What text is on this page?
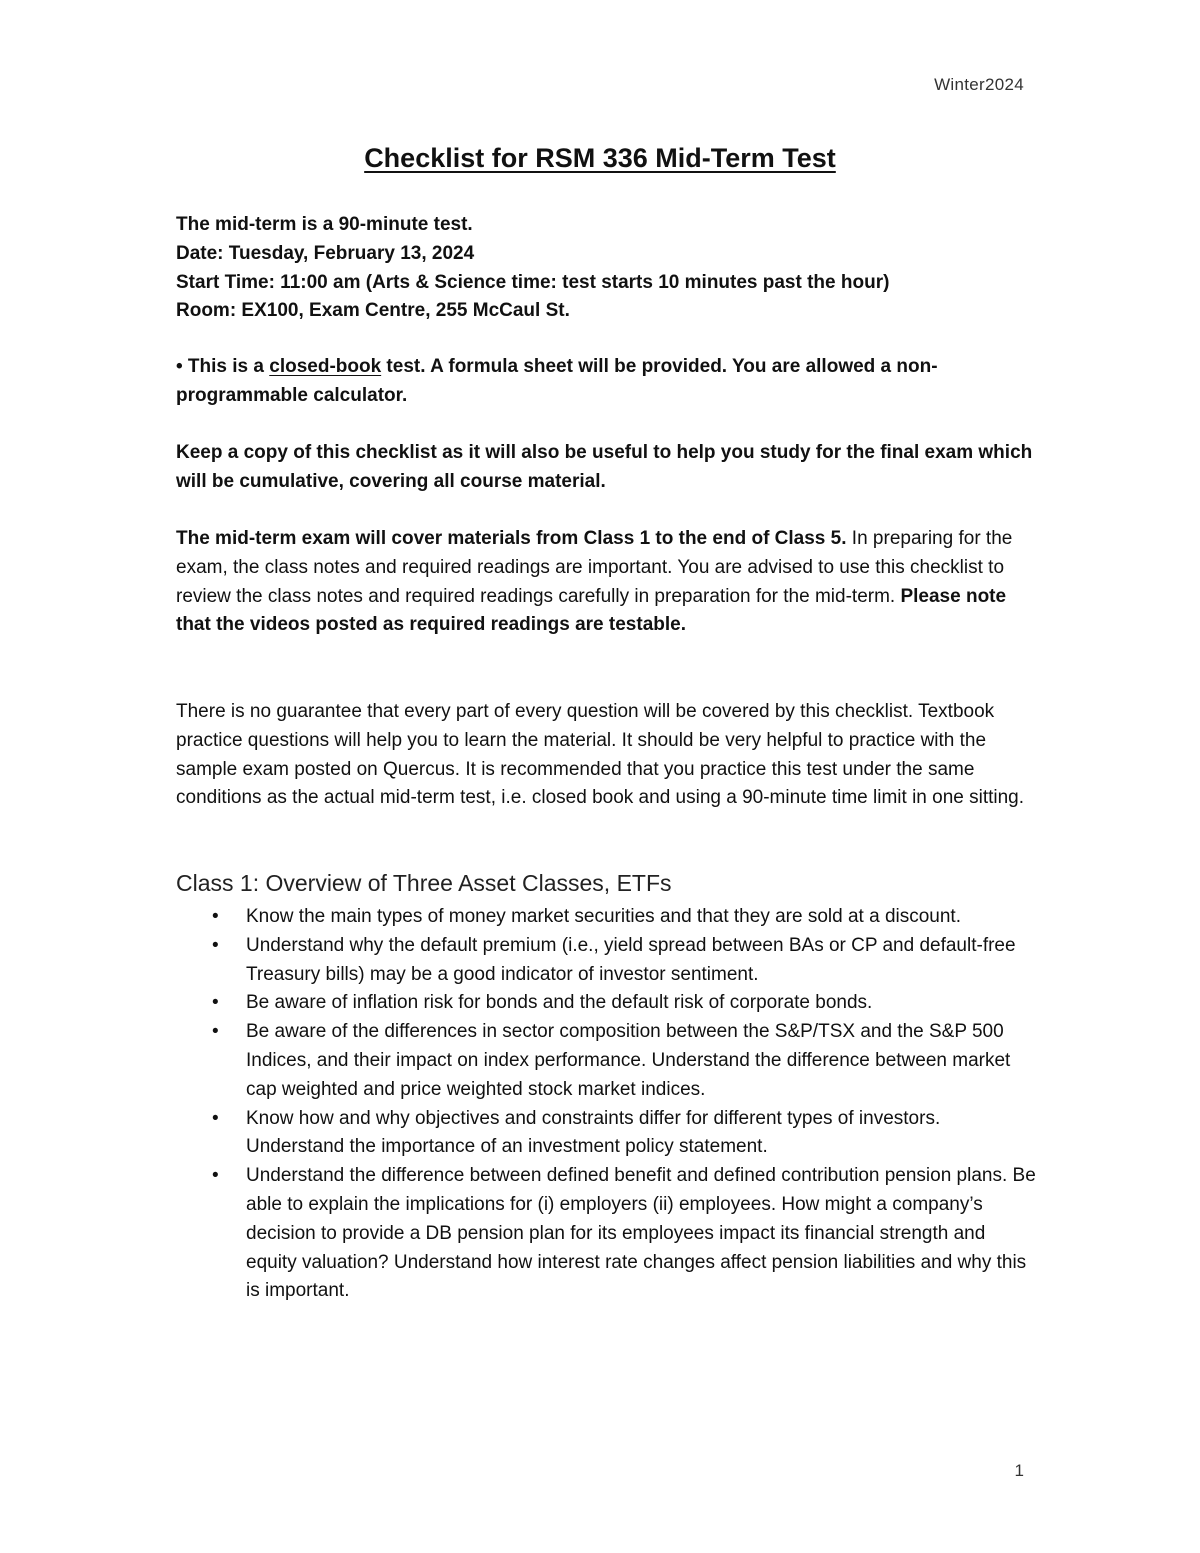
Winter2024
Checklist for RSM 336 Mid-Term Test

The mid-term is a 90-minute test.

Date: Tuesday, February 13, 2024

Start Time: 11:00 am (Arts & Science time: test starts 10 minutes past the hour)

Room: EX100, Exam Centre, 255 McCaul St.

• This is a closed-book test. A formula sheet will be provided. You are allowed a non-programmable calculator.

Keep a copy of this checklist as it will also be useful to help you study for the final exam which will be cumulative, covering all course material.

The mid-term exam will cover materials from Class 1 to the end of Class 5. In preparing for the exam, the class notes and required readings are important. You are advised to use this checklist to review the class notes and required readings carefully in preparation for the mid-term. Please note that the videos posted as required readings are testable.

There is no guarantee that every part of every question will be covered by this checklist. Textbook practice questions will help you to learn the material. It should be very helpful to practice with the sample exam posted on Quercus. It is recommended that you practice this test under the same conditions as the actual mid-term test, i.e. closed book and using a 90-minute time limit in one sitting.

Class 1: Overview of Three Asset Classes, ETFs
• Know the main types of money market securities and that they are sold at a discount.
• Understand why the default premium (i.e., yield spread between BAs or CP and default-free Treasury bills) may be a good indicator of investor sentiment.
• Be aware of inflation risk for bonds and the default risk of corporate bonds.
• Be aware of the differences in sector composition between the S&P/TSX and the S&P 500 Indices, and their impact on index performance. Understand the difference between market cap weighted and price weighted stock market indices.
• Know how and why objectives and constraints differ for different types of investors. Understand the importance of an investment policy statement.
• Understand the difference between defined benefit and defined contribution pension plans. Be able to explain the implications for (i) employers (ii) employees. How might a company’s decision to provide a DB pension plan for its employees impact its financial strength and equity valuation? Understand how interest rate changes affect pension liabilities and why this is important.
1
